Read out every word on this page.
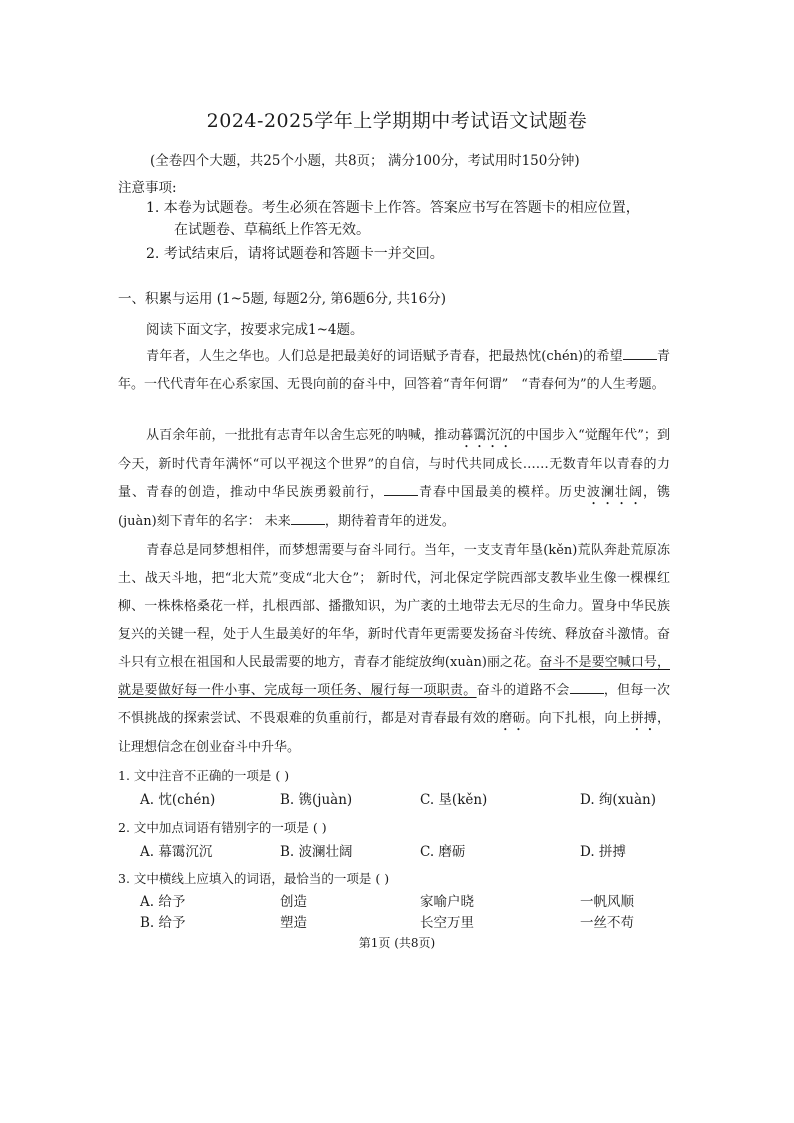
2024-2025学年上学期期中考试语文试题卷
(全卷四个大题，共25个小题，共8页； 满分100分，考试用时150分钟)
注意事项:
1. 本卷为试题卷。考生必须在答题卡上作答。答案应书写在答题卡的相应位置，
在试题卷、草稿纸上作答无效。
2. 考试结束后，请将试题卷和答题卡一并交回。
一、积累与运用 (1~5题, 每题2分, 第6题6分, 共16分)
阅读下面文字，按要求完成1~4题。
青年者，人生之华也。人们总是把最美好的词语赋予青春，把最热忱(chén)的希望	青年。一代代青年在心系家国、无畏向前的奋斗中，回答着“青年何谓”　“青春何为”的人生考题。
从百余年前，一批批有志青年以舍生忘死的呐喊，推动暮霭沉沉的中国步入“觉醒年代”；到今天，新时代青年满怀“可以平视这个世界”的自信，与时代共同成长……无数青年以青春的力量、青春的创造，推动中华民族勇毅前行，	青春中国最美的模样。历史波澜壮阔，镌(juàn)刻下青年的名字： 未来	，期待着青年的迸发。
青春总是同梦想相伴，而梦想需要与奋斗同行。当年，一支支青年垦(kěn)荒队奔赴荒原冻土、战天斗地，把“北大荒”变成“北大仓”； 新时代，河北保定学院西部支教毕业生像一棵棵红柳、一株株格桑花一样，扎根西部、播撒知识，为广袤的土地带去无尽的生命力。置身中华民族复兴的关键一程，处于人生最美好的年华，新时代青年更需要发扬奋斗传统、释放奋斗激情。奋斗只有立根在祖国和人民最需要的地方，青春才能绽放绚(xuàn)丽之花。奋斗不是要空喊口号，就是要做好每一件小事、完成每一项任务、履行每一项职责。奋斗的道路不会	，但每一次不惧挑战的探索尝试、不畏艰难的负重前行，都是对青春最有效的磨砺。向下扎根，向上拼搏，让理想信念在创业奋斗中升华。
1. 文中注音不正确的一项是 ( )
A. 忱(chén)	B. 镌(juàn)	C. 垦(kěn)	D. 绚(xuàn)
2. 文中加点词语有错别字的一项是 ( )
A. 幕霭沉沉	B. 波澜壮阔	C. 磨砺	D. 拼搏
3. 文中横线上应填入的词语，最恰当的一项是 ( )
A. 给予	创造	家喻户晓	一帆风顺
B. 给予	塑造	长空万里	一丝不苟
第1页 (共8页)
